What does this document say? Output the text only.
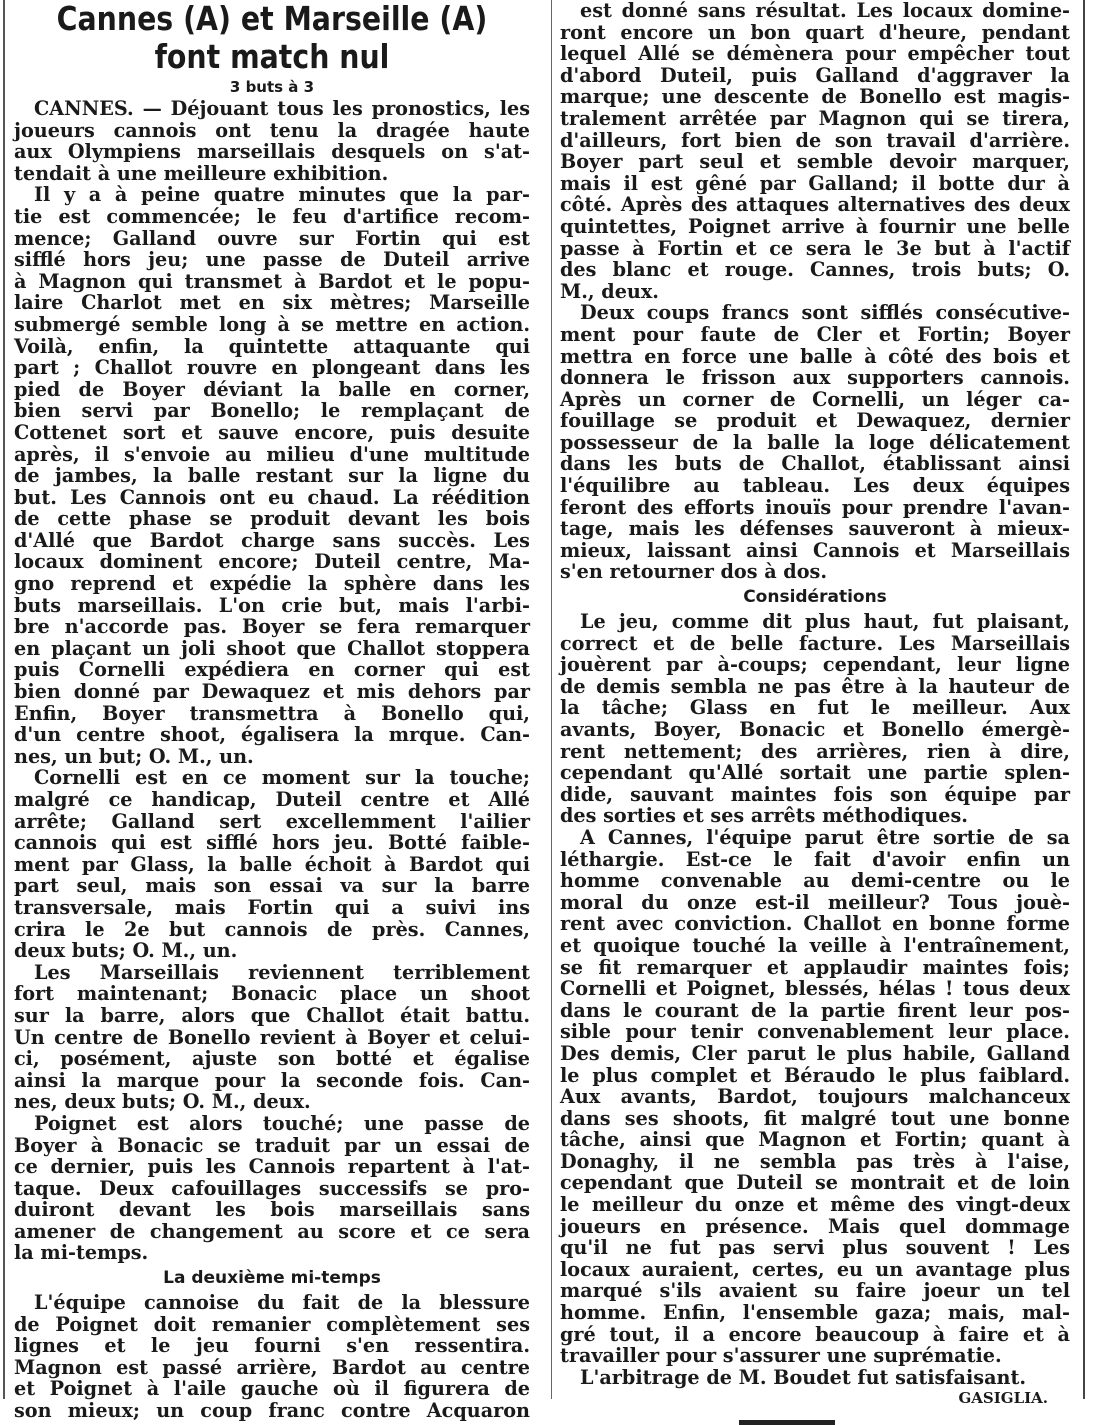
Cannes (A) et Marseille (A)
font match nul
3 buts à 3

CANNES. — Déjouant tous les pronostics, les
joueurs cannois ont tenu la dragée haute
aux Olympiens marseillais desquels on s'at-
tendait à une meilleure exhibition.

Il y a à peine quatre minutes que la par-
tie est commencée; le feu d'artifice recom-
mence; Galland ouvre sur Fortin qui est
sifflé hors jeu; une passe de Duteil arrive
à Magnon qui transmet à Bardot et le popu-
laire Charlot met en six mètres; Marseille
submergé semble long à se mettre en action.
Voilà, enfin, la quintette attaquante qui
part ; Challot rouvre en plongeant dans les
pied de Boyer déviant la balle en corner,
bien servi par Bonello; le remplaçant de
Cottenet sort et sauve encore, puis desuite
après, il s'envoie au milieu d'une multitude
de jambes, la balle restant sur la ligne du
but. Les Cannois ont eu chaud. La réédition
de cette phase se produit devant les bois
d'Allé que Bardot charge sans succès. Les
locaux dominent encore; Duteil centre, Ma-
gno reprend et expédie la sphère dans les
buts marseillais. L'on crie but, mais l'arbi-
bre n'accorde pas. Boyer se fera remarquer
en plaçant un joli shoot que Challot stoppera
puis Cornelli expédiera en corner qui est
bien donné par Dewaquez et mis dehors par
Enfin, Boyer transmettra à Bonello qui,
d'un centre shoot, égalisera la mrque. Can-
nes, un but; O. M., un.

Cornelli est en ce moment sur la touche;
malgré ce handicap, Duteil centre et Allé
arrête; Galland sert excellemment l'ailier
cannois qui est sifflé hors jeu. Botté faible-
ment par Glass, la balle échoit à Bardot qui
part seul, mais son essai va sur la barre
transversale, mais Fortin qui a suivi ins
crira le 2e but cannois de près. Cannes,
deux buts; O. M., un.

Les Marseillais reviennent terriblement
fort maintenant; Bonacic place un shoot
sur la barre, alors que Challot était battu.
Un centre de Bonello revient à Boyer et celui-
ci, posément, ajuste son botté et égalise
ainsi la marque pour la seconde fois. Can-
nes, deux buts; O. M., deux.

Poignet est alors touché; une passe de
Boyer à Bonacic se traduit par un essai de
ce dernier, puis les Cannois repartent à l'at-
taque. Deux cafouillages successifs se pro-
duiront devant les bois marseillais sans
amener de changement au score et ce sera
la mi-temps.

La deuxième mi-temps

L'équipe cannoise du fait de la blessure
de Poignet doit remanier complètement ses
lignes et le jeu fourni s'en ressentira.
Magnon est passé arrière, Bardot au centre
et Poignet à l'aile gauche où il figurera de
son mieux; un coup franc contre Acquaron

est donné sans résultat. Les locaux domine-
ront encore un bon quart d'heure, pendant
lequel Allé se démènera pour empêcher tout
d'abord Duteil, puis Galland d'aggraver la
marque; une descente de Bonello est magis-
tralement arrêtée par Magnon qui se tirera,
d'ailleurs, fort bien de son travail d'arrière.
Boyer part seul et semble devoir marquer,
mais il est gêné par Galland; il botte dur à
côté. Après des attaques alternatives des deux
quintettes, Poignet arrive à fournir une belle
passe à Fortin et ce sera le 3e but à l'actif
des blanc et rouge. Cannes, trois buts; O.
M., deux.

Deux coups francs sont sifflés consécutive-
ment pour faute de Cler et Fortin; Boyer
mettra en force une balle à côté des bois et
donnera le frisson aux supporters cannois.
Après un corner de Cornelli, un léger ca-
fouillage se produit et Dewaquez, dernier
possesseur de la balle la loge délicatement
dans les buts de Challot, établissant ainsi
l'équilibre au tableau. Les deux équipes
feront des efforts inouïs pour prendre l'avan-
tage, mais les défenses sauveront à mieux-
mieux, laissant ainsi Cannois et Marseillais
s'en retourner dos à dos.

Considérations

Le jeu, comme dit plus haut, fut plaisant,
correct et de belle facture. Les Marseillais
jouèrent par à-coups; cependant, leur ligne
de demis sembla ne pas être à la hauteur de
la tâche; Glass en fut le meilleur. Aux
avants, Boyer, Bonacic et Bonello émergè-
rent nettement; des arrières, rien à dire,
cependant qu'Allé sortait une partie splen-
dide, sauvant maintes fois son équipe par
des sorties et ses arrêts méthodiques.

A Cannes, l'équipe parut être sortie de sa
léthargie. Est-ce le fait d'avoir enfin un
homme convenable au demi-centre ou le
moral du onze est-il meilleur? Tous jouè-
rent avec conviction. Challot en bonne forme
et quoique touché la veille à l'entraînement,
se fit remarquer et applaudir maintes fois;
Cornelli et Poignet, blessés, hélas ! tous deux
dans le courant de la partie firent leur pos-
sible pour tenir convenablement leur place.
Des demis, Cler parut le plus habile, Galland
le plus complet et Béraudo le plus faiblard.
Aux avants, Bardot, toujours malchanceux
dans ses shoots, fit malgré tout une bonne
tâche, ainsi que Magnon et Fortin; quant à
Donaghy, il ne sembla pas très à l'aise,
cependant que Duteil se montrait et de loin
le meilleur du onze et même des vingt-deux
joueurs en présence. Mais quel dommage
qu'il ne fut pas servi plus souvent ! Les
locaux auraient, certes, eu un avantage plus
marqué s'ils avaient su faire joeur un tel
homme. Enfin, l'ensemble gaza; mais, mal-
gré tout, il a encore beaucoup à faire et à
travailler pour s'assurer une suprématie.

L'arbitrage de M. Boudet fut satisfaisant.

GASIGLIA.
